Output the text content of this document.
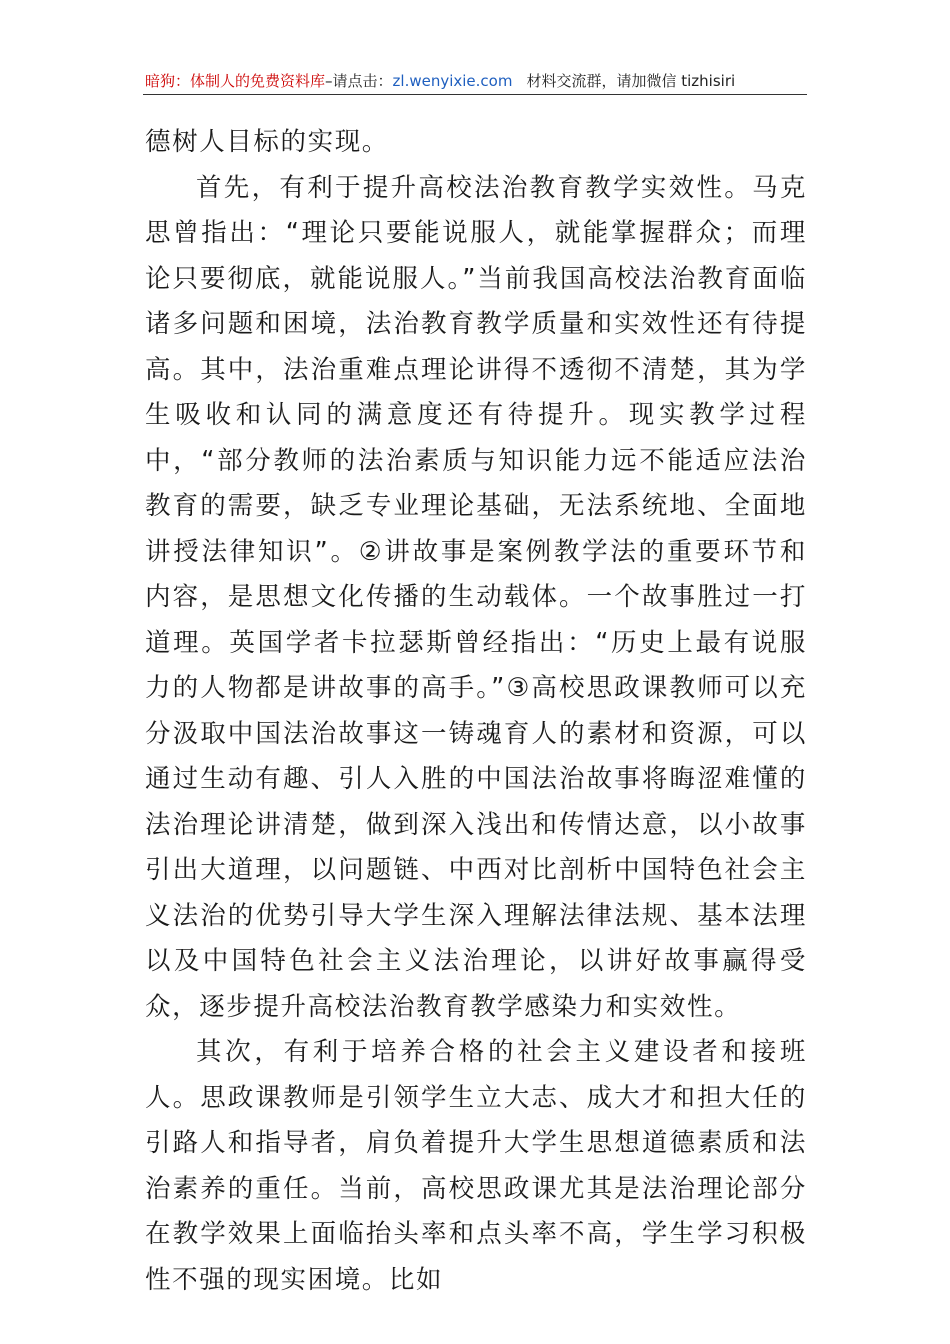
暗狗：体制人的免费资料库–请点击：zl.wenyixie.com 材料交流群，请加微信 tizhisiri

德树人目标的实现。

首先，有利于提升高校法治教育教学实效性。马克思曾指出：“理论只要能说服人，就能掌握群众；而理论只要彻底，就能说服人。”当前我国高校法治教育面临诸多问题和困境，法治教育教学质量和实效性还有待提高。其中，法治重难点理论讲得不透彻不清楚，其为学生吸收和认同的满意度还有待提升。现实教学过程中，“部分教师的法治素质与知识能力远不能适应法治教育的需要，缺乏专业理论基础，无法系统地、全面地讲授法律知识”。②讲故事是案例教学法的重要环节和内容，是思想文化传播的生动载体。一个故事胜过一打道理。英国学者卡拉瑟斯曾经指出：“历史上最有说服力的人物都是讲故事的高手。”③高校思政课教师可以充分汲取中国法治故事这一铸魂育人的素材和资源，可以通过生动有趣、引人入胜的中国法治故事将晦涩难懂的法治理论讲清楚，做到深入浅出和传情达意，以小故事引出大道理，以问题链、中西对比剖析中国特色社会主义法治的优势引导大学生深入理解法律法规、基本法理以及中国特色社会主义法治理论，以讲好故事赢得受众，逐步提升高校法治教育教学感染力和实效性。

其次，有利于培养合格的社会主义建设者和接班人。思政课教师是引领学生立大志、成大才和担大任的引路人和指导者，肩负着提升大学生思想道德素质和法治素养的重任。当前，高校思政课尤其是法治理论部分在教学效果上面临抬头率和点头率不高，学生学习积极性不强的现实困境。比如
